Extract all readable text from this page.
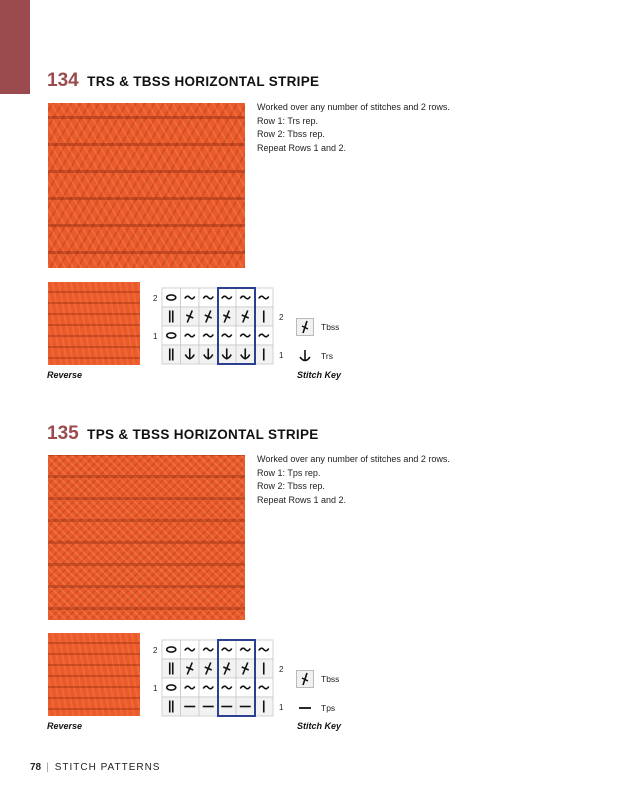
134 TRS & TBSS HORIZONTAL STRIPE
Worked over any number of stitches and 2 rows.
Row 1: Trs rep.
Row 2: Tbss rep.
Repeat Rows 1 and 2.
Reverse
2
1
2
1
Tbss
Trs
Stitch Key
135 TPS & TBSS HORIZONTAL STRIPE
Worked over any number of stitches and 2 rows.
Row 1: Tps rep.
Row 2: Tbss rep.
Repeat Rows 1 and 2.
Reverse
2
1
2
1
Tbss
Tps
Stitch Key
78 | STITCH PATTERNS
PassionForum.ru
